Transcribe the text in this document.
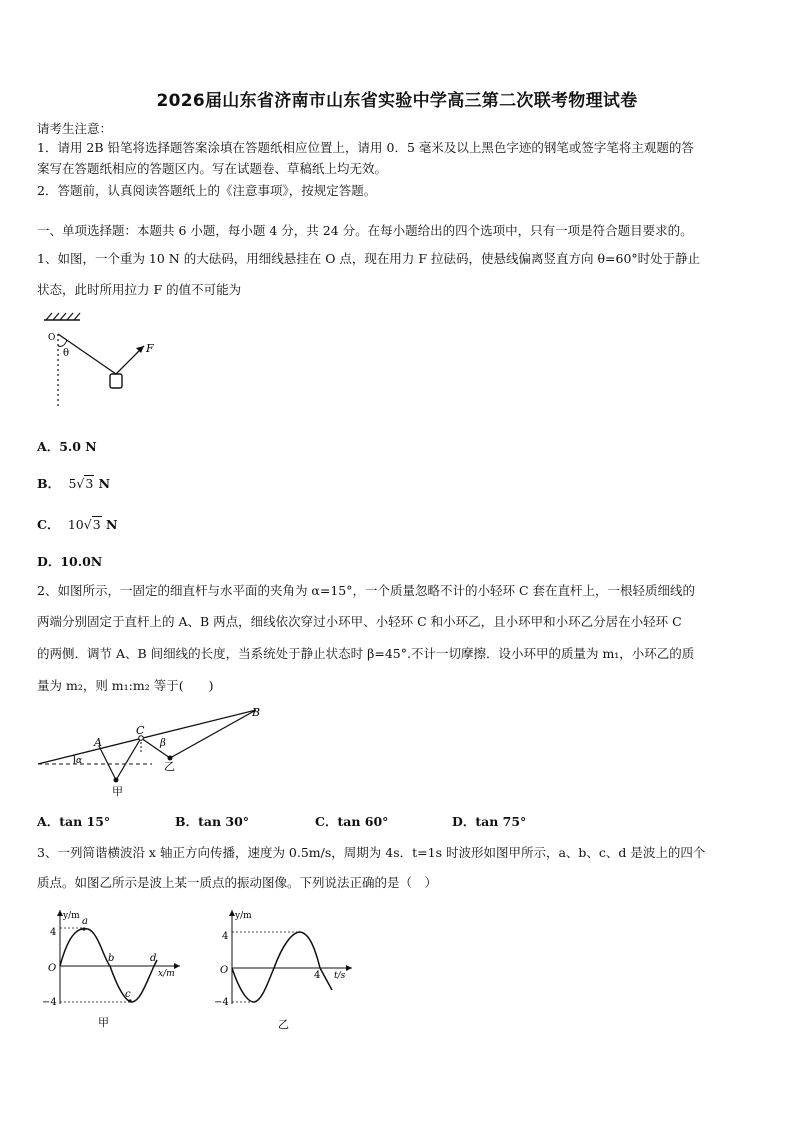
2026届山东省济南市山东省实验中学高三第二次联考物理试卷
请考生注意：
1．请用 2B 铅笔将选择题答案涂填在答题纸相应位置上，请用 0．5 毫米及以上黑色字迹的钢笔或签字笔将主观题的答
案写在答题纸相应的答题区内。写在试题卷、草稿纸上均无效。
2．答题前，认真阅读答题纸上的《注意事项》，按规定答题。
一、单项选择题：本题共 6 小题，每小题 4 分，共 24 分。在每小题给出的四个选项中，只有一项是符合题目要求的。
1、如图，一个重为 10 N 的大砝码，用细线悬挂在 O 点，现在用力 F 拉砝码，使悬线偏离竖直方向 θ=60°时处于静止
状态，此时所用拉力 F 的值不可能为
O
θ	F
A．5.0 N
B． 5√3 N
C． 10√3 N
D．10.0N
2、如图所示，一固定的细直杆与水平面的夹角为 α=15°，一个质量忽略不计的小轻环 C 套在直杆上，一根轻质细线的
两端分别固定于直杆上的 A、B 两点，细线依次穿过小环甲、小轻环 C 和小环乙，且小环甲和小环乙分居在小轻环 C
的两侧．调节 A、B 间细线的长度，当系统处于静止状态时 β=45°.不计一切摩擦．设小环甲的质量为 m₁，小环乙的质
量为 m₂，则 m₁:m₂ 等于(　　)
A
B
C
α
β
甲
乙
A．tan 15°	B．tan 30°	C．tan 60°	D．tan 75°
3、一列简谐横波沿 x 轴正方向传播，速度为 0.5m/s，周期为 4s．t=1s 时波形如图甲所示，a、b、c、d 是波上的四个
质点。如图乙所示是波上某一质点的振动图像。下列说法正确的是（　）
y/m
x/m
4
−4
O
a
b
c
d
甲
y/m
t/s
4
−4
O	4
乙
